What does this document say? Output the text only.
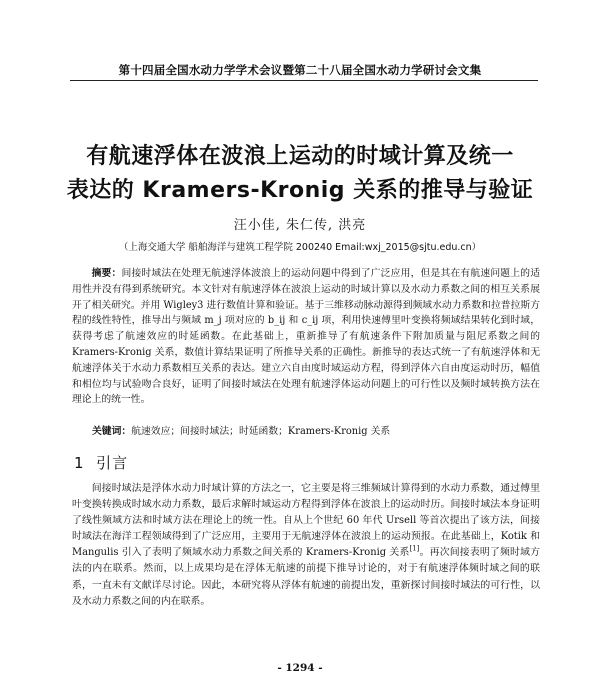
第十四届全国水动力学学术会议暨第二十八届全国水动力学研讨会文集
有航速浮体在波浪上运动的时域计算及统一
表达的 Kramers-Kronig 关系的推导与验证
汪小佳, 朱仁传, 洪亮
（上海交通大学 船舶海洋与建筑工程学院 200240 Email:wxj_2015@sjtu.edu.cn）
摘要：间接时域法在处理无航速浮体波浪上的运动问题中得到了广泛应用，但是其在有航速问题上的适用性并没有得到系统研究。本文针对有航速浮体在波浪上运动的时域计算以及水动力系数之间的相互关系展开了相关研究。并用 Wigley3 进行数值计算和验证。基于三维移动脉动源得到频域水动力系数和拉普拉斯方程的线性特性，推导出与频域 m_j 项对应的 b_ij 和 c_ij 项，利用快速傅里叶变换将频域结果转化到时域，获得考虑了航速效应的时延函数。在此基础上，重新推导了有航速条件下附加质量与阻尼系数之间的 Kramers-Kronig 关系，数值计算结果证明了所推导关系的正确性。新推导的表达式统一了有航速浮体和无航速浮体关于水动力系数相互关系的表达。建立六自由度时域运动方程，得到浮体六自由度运动时历，幅值和相位均与试验吻合良好，证明了间接时域法在处理有航速浮体运动问题上的可行性以及频时域转换方法在理论上的统一性。
关键词：航速效应；间接时域法；时延函数；Kramers-Kronig 关系
1 引言
间接时域法是浮体水动力时域计算的方法之一，它主要是将三维频域计算得到的水动力系数，通过傅里叶变换转换成时域水动力系数，最后求解时域运动方程得到浮体在波浪上的运动时历。间接时域法本身证明了线性频域方法和时域方法在理论上的统一性。自从上个世纪 60 年代 Ursell 等首次提出了该方法，间接时域法在海洋工程领域得到了广泛应用，主要用于无航速浮体在波浪上的运动预报。在此基础上，Kotik 和 Mangulis 引入了表明了频域水动力系数之间关系的 Kramers-Kronig 关系[1]。再次间接表明了频时域方法的内在联系。然而，以上成果均是在浮体无航速的前提下推导讨论的，对于有航速浮体频时域之间的联系，一直未有文献详尽讨论。因此，本研究将从浮体有航速的前提出发，重新探讨间接时域法的可行性，以及水动力系数之间的内在联系。
- 1294 -
